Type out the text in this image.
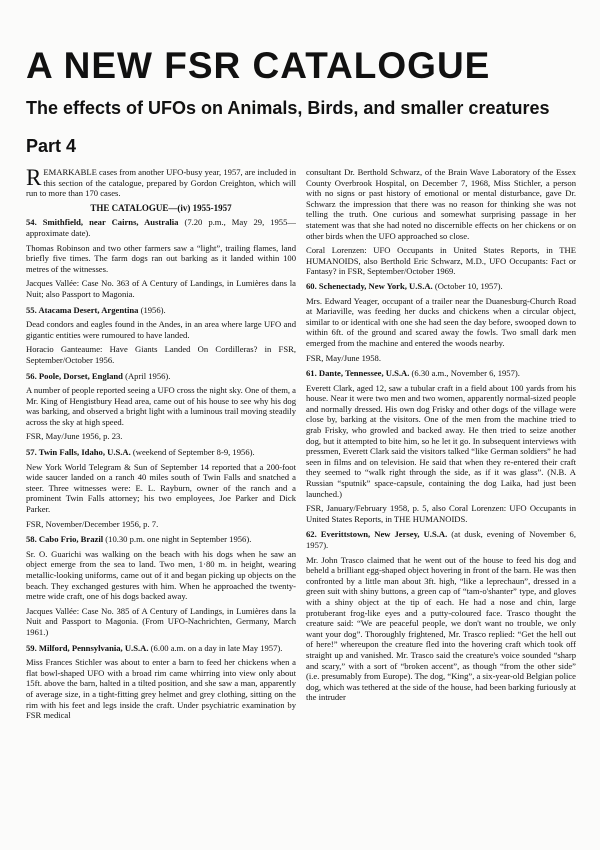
A NEW FSR CATALOGUE
The effects of UFOs on Animals, Birds, and smaller creatures
Part 4

REMARKABLE cases from another UFO-busy year, 1957, are included in this section of the catalogue, prepared by Gordon Creighton, which will run to more than 170 cases.

THE CATALOGUE—(iv) 1955-1957

54. Smithfield, near Cairns, Australia (7.20 p.m., May 29, 1955—approximate date).

Thomas Robinson and two other farmers saw a “light”, trailing flames, land briefly five times. The farm dogs ran out barking as it landed within 100 metres of the witnesses.

Jacques Vallée: Case No. 363 of A Century of Landings, in Lumières dans la Nuit; also Passport to Magonia.

55. Atacama Desert, Argentina (1956).

Dead condors and eagles found in the Andes, in an area where large UFO and gigantic entities were rumoured to have landed.

Horacio Ganteaume: Have Giants Landed On Cordilleras? in FSR, September/October 1956.

56. Poole, Dorset, England (April 1956).

A number of people reported seeing a UFO cross the night sky. One of them, a Mr. King of Hengistbury Head area, came out of his house to see why his dog was barking, and observed a bright light with a luminous trail moving steadily across the sky at high speed.

FSR, May/June 1956, p. 23.

57. Twin Falls, Idaho, U.S.A. (weekend of September 8-9, 1956).

New York World Telegram & Sun of September 14 reported that a 200-foot wide saucer landed on a ranch 40 miles south of Twin Falls and snatched a steer. Three witnesses were: E. L. Rayburn, owner of the ranch and a prominent Twin Falls attorney; his two employees, Joe Parker and Dick Parker.

FSR, November/December 1956, p. 7.

58. Cabo Frio, Brazil (10.30 p.m. one night in September 1956).

Sr. O. Guarichi was walking on the beach with his dogs when he saw an object emerge from the sea to land. Two men, 1·80 m. in height, wearing metallic-looking uniforms, came out of it and began picking up objects on the beach. They exchanged gestures with him. When he approached the twenty-metre wide craft, one of his dogs backed away.

Jacques Vallée: Case No. 385 of A Century of Landings, in Lumières dans la Nuit and Passport to Magonia. (From UFO-Nachrichten, Germany, March 1961.)

59. Milford, Pennsylvania, U.S.A. (6.00 a.m. on a day in late May 1957).

Miss Frances Stichler was about to enter a barn to feed her chickens when a flat bowl-shaped UFO with a broad rim came whirring into view only about 15ft. above the barn, halted in a tilted position, and she saw a man, apparently of average size, in a tight-fitting grey helmet and grey clothing, sitting on the rim with his feet and legs inside the craft. Under psychiatric examination by FSR medical

consultant Dr. Berthold Schwarz, of the Brain Wave Laboratory of the Essex County Overbrook Hospital, on December 7, 1968, Miss Stichler, a person with no signs or past history of emotional or mental disturbance, gave Dr. Schwarz the impression that there was no reason for thinking she was not telling the truth. One curious and somewhat surprising passage in her statement was that she had noted no discernible effects on her chickens or on other birds when the UFO approached so close.

Coral Lorenzen: UFO Occupants in United States Reports, in THE HUMANOIDS, also Berthold Eric Schwarz, M.D., UFO Occupants: Fact or Fantasy? in FSR, September/October 1969.

60. Schenectady, New York, U.S.A. (October 10, 1957).

Mrs. Edward Yeager, occupant of a trailer near the Duanesburg-Church Road at Mariaville, was feeding her ducks and chickens when a circular object, similar to or identical with one she had seen the day before, swooped down to within 6ft. of the ground and scared away the fowls. Two small dark men emerged from the machine and entered the woods nearby.

FSR, May/June 1958.

61. Dante, Tennessee, U.S.A. (6.30 a.m., November 6, 1957).

Everett Clark, aged 12, saw a tubular craft in a field about 100 yards from his house. Near it were two men and two women, apparently normal-sized people and normally dressed. His own dog Frisky and other dogs of the village were close by, barking at the visitors. One of the men from the machine tried to grab Frisky, who growled and backed away. He then tried to seize another dog, but it attempted to bite him, so he let it go. In subsequent interviews with pressmen, Everett Clark said the visitors talked “like German soldiers” he had seen in films and on television. He said that when they re-entered their craft they seemed to “walk right through the side, as if it was glass”. (N.B. A Russian “sputnik” space-capsule, containing the dog Laika, had just been launched.)

FSR, January/February 1958, p. 5, also Coral Lorenzen: UFO Occupants in United States Reports, in THE HUMANOIDS.

62. Everittstown, New Jersey, U.S.A. (at dusk, evening of November 6, 1957).

Mr. John Trasco claimed that he went out of the house to feed his dog and beheld a brilliant egg-shaped object hovering in front of the barn. He was then confronted by a little man about 3ft. high, “like a leprechaun”, dressed in a green suit with shiny buttons, a green cap of “tam-o'shanter” type, and gloves with a shiny object at the tip of each. He had a nose and chin, large protuberant frog-like eyes and a putty-coloured face. Trasco thought the creature said: “We are peaceful people, we don't want no trouble, we only want your dog”. Thoroughly frightened, Mr. Trasco replied: “Get the hell out of here!” whereupon the creature fled into the hovering craft which took off straight up and vanished. Mr. Trasco said the creature's voice sounded “sharp and scary,” with a sort of “broken accent”, as though “from the other side” (i.e. presumably from Europe). The dog, “King”, a six-year-old Belgian police dog, which was tethered at the side of the house, had been barking furiously at the intruder
